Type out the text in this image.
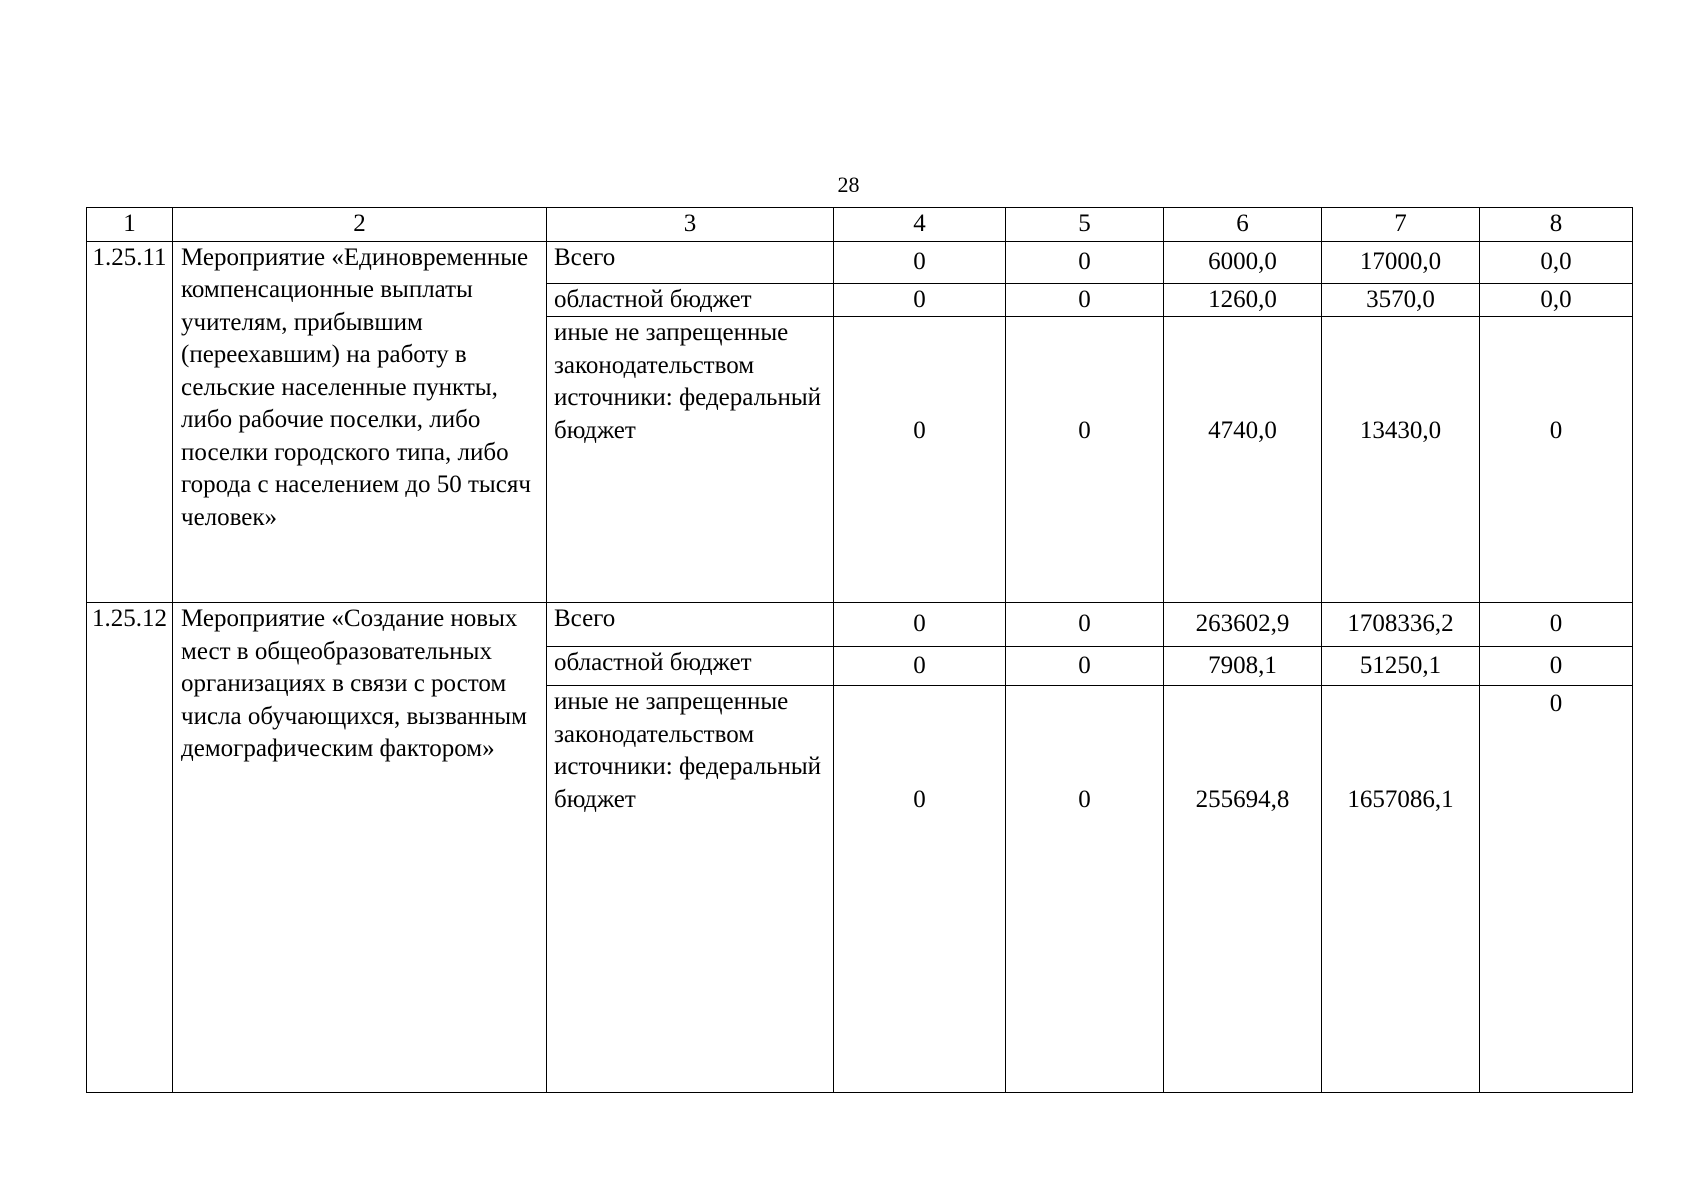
28
1	2	3	4	5	6	7	8
1.25.11	Мероприятие «Единовременные компенсационные выплаты учителям, прибывшим (переехавшим) на работу в сельские населенные пункты, либо рабочие поселки, либо поселки городского типа, либо города с населением до 50 тысяч человек»	Всего	0	0	6000,0	17000,0	0,0
		областной бюджет	0	0	1260,0	3570,0	0,0
		иные не запрещенные законодательством источники: федеральный бюджет	0	0	4740,0	13430,0	0
1.25.12	Мероприятие «Создание новых мест в общеобразовательных организациях в связи с ростом числа обучающихся, вызванным демографическим фактором»	Всего	0	0	263602,9	1708336,2	0
		областной бюджет	0	0	7908,1	51250,1	0
		иные не запрещенные законодательством источники: федеральный бюджет	0	0	255694,8	1657086,1	0
